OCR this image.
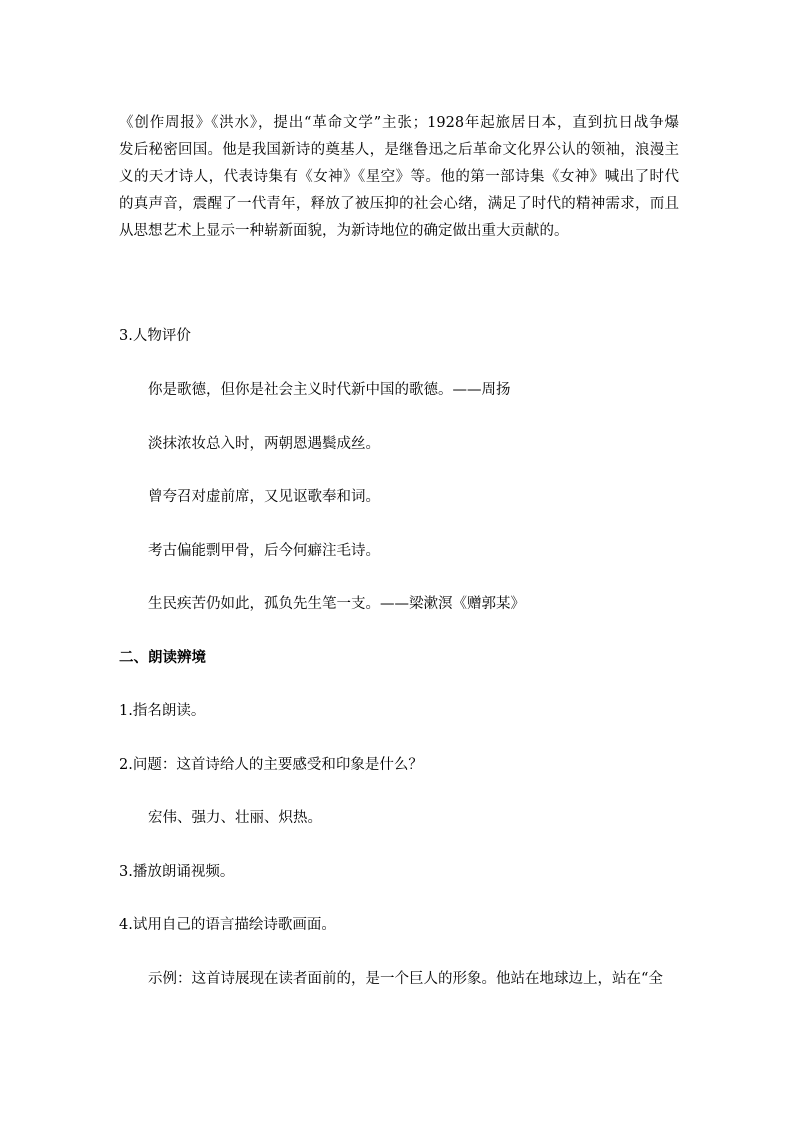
《创作周报》《洪水》，提出“革命文学”主张；1928年起旅居日本，直到抗日战争爆
发后秘密回国。他是我国新诗的奠基人，是继鲁迅之后革命文化界公认的领袖，浪漫主
义的天才诗人，代表诗集有《女神》《星空》等。他的第一部诗集《女神》喊出了时代
的真声音，震醒了一代青年，释放了被压抑的社会心绪，满足了时代的精神需求，而且
从思想艺术上显示一种崭新面貌，为新诗地位的确定做出重大贡献的。

3.人物评价

你是歌德，但你是社会主义时代新中国的歌德。——周扬

淡抹浓妆总入时，两朝恩遇鬓成丝。

曾夸召对虚前席，又见讴歌奉和词。

考古偏能剽甲骨，后今何癖注毛诗。

生民疾苦仍如此，孤负先生笔一支。——梁漱溟《赠郭某》

二、朗读辨境

1.指名朗读。

2.问题：这首诗给人的主要感受和印象是什么？

宏伟、强力、壮丽、炽热。

3.播放朗诵视频。

4.试用自己的语言描绘诗歌画面。

示例：这首诗展现在读者面前的，是一个巨人的形象。他站在地球边上，站在“全
